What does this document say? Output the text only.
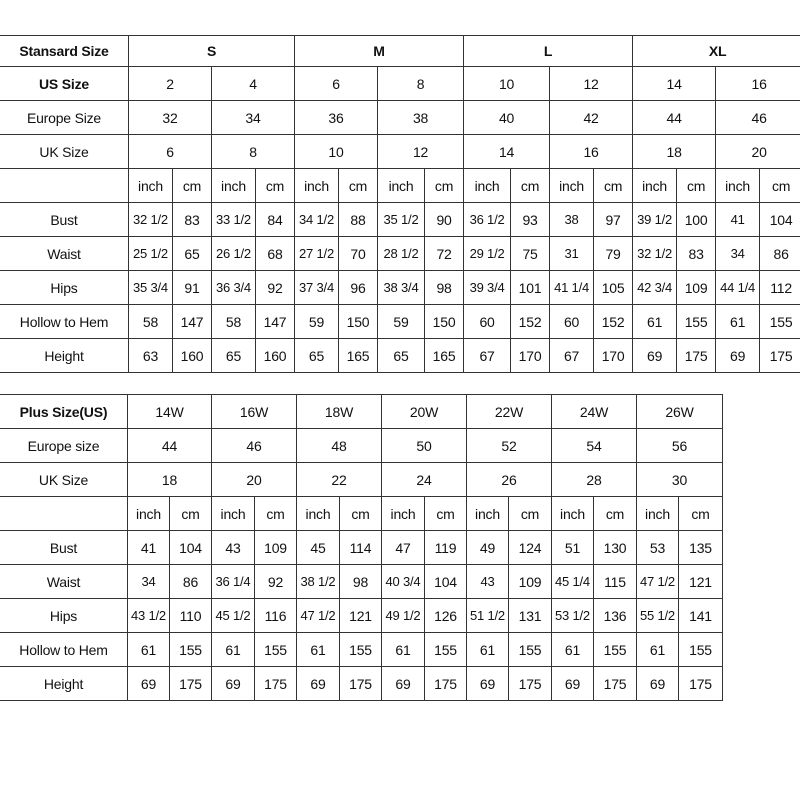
Stansard Size	S				M				L				XL			
US Size	2		4		6		8		10		12		14		16	
Europe Size	32		34		36		38		40		42		44		46	
UK Size	6		8		10		12		14		16		18		20	
	inch	cm	inch	cm	inch	cm	inch	cm	inch	cm	inch	cm	inch	cm	inch	cm
Bust	32 1/2	83	33 1/2	84	34 1/2	88	35 1/2	90	36 1/2	93	38	97	39 1/2	100	41	104
Waist	25 1/2	65	26 1/2	68	27 1/2	70	28 1/2	72	29 1/2	75	31	79	32 1/2	83	34	86
Hips	35 3/4	91	36 3/4	92	37 3/4	96	38 3/4	98	39 3/4	101	41 1/4	105	42 3/4	109	44 1/4	112
Hollow to Hem	58	147	58	147	59	150	59	150	60	152	60	152	61	155	61	155
Height	63	160	65	160	65	165	65	165	67	170	67	170	69	175	69	175
Plus Size(US)	14W		16W		18W		20W		22W		24W		26W	
Europe size	44		46		48		50		52		54		56	
UK Size	18		20		22		24		26		28		30	
	inch	cm	inch	cm	inch	cm	inch	cm	inch	cm	inch	cm	inch	cm
Bust	41	104	43	109	45	114	47	119	49	124	51	130	53	135
Waist	34	86	36 1/4	92	38 1/2	98	40 3/4	104	43	109	45 1/4	115	47 1/2	121
Hips	43 1/2	110	45 1/2	116	47 1/2	121	49 1/2	126	51 1/2	131	53 1/2	136	55 1/2	141
Hollow to Hem	61	155	61	155	61	155	61	155	61	155	61	155	61	155
Height	69	175	69	175	69	175	69	175	69	175	69	175	69	175
